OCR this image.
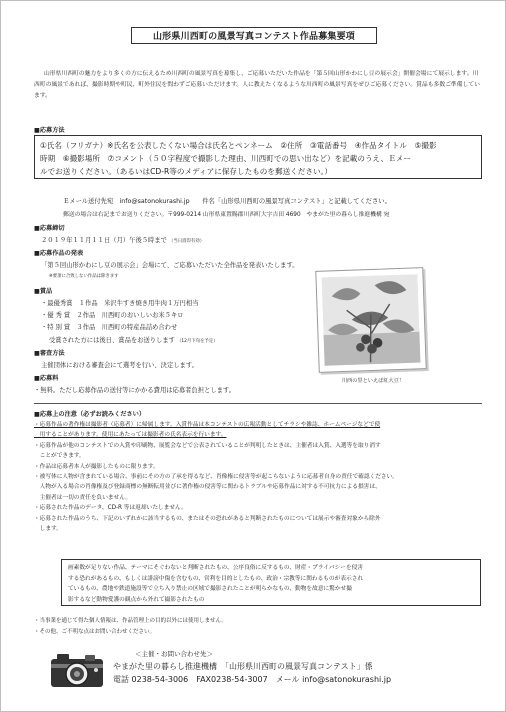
山形県川西町の風景写真コンテスト作品募集要項

山形県川西町の魅力をより多くの方に伝えるため川西町の風景写真を募集し、ご応募いただいた作品を「第５回山形かわにし豆の展示会」開催会場にて展示します。川西町の風景であれば、撮影時期や町民、町外住民を問わずご応募いただけます。人に教えたくなるような川西町の風景写真をぜひご応募ください。賞品も多数ご準備しています。

■応募方法
①氏名（フリガナ）※氏名を公表したくない場合は氏名とペンネーム　②住所　③電話番号　④作品タイトル　⑤撮影
時期　⑥撮影場所　⑦コメント（５０字程度で撮影した理由、川西町での思い出など）を記載のうえ、Ｅメー
ルでお送りください。（あるいはCD-R等のメディアに保存したものを郵送ください。）
Ｅメール送付先宛　info@satonokurashi.jp　　件名「山形県川西町の風景写真コンテスト」と記載してください。
郵送の場合は右記までお送りください。〒999-0214 山形県東置賜郡川西町大字吉田 4690　やまがた里の暮らし推進機構 宛
■応募締切
２０１９年１１月１１日（月）午後５時まで （当日消印有効）
■応募作品の発表
「第５回山形かわにし豆の展示会」会場にて、ご応募いただいた全作品を発表いたします。
※要項に合致しない作品は除きます
■賞品
・最優秀賞　１作品　米沢牛すき焼き用牛肉１万円相当
・優 秀 賞　２作品　川西町のおいしいお米５キロ
・特 別 賞　３作品　川西町の特産品詰め合わせ
受賞された方には後日、賞品をお送りします （12月下旬を予定）
■審査方法
主催団体における審査会にて選考を行い、決定します。
■応募料
・無料。ただし応募作品の送付等にかかる費用は応募者負担とします。
川西の里といえば紅大豆！
■応募上の注意（必ずお読みください）
・応募作品の著作権は撮影者（応募者）に帰属します。入賞作品は本コンテストの広報活動としてチラシや雑誌、ホームページなどで使
　用することがあります。使用にあたっては撮影者の氏名表示を行います。
・応募作品が他のコンテストでの入賞や印刷物、展覧会などで公表されていることが判明したときは、主催者は入賞、入選等を取り消す
　ことができます。
・作品は応募者本人が撮影したものに限ります。
・被写体に人物が含まれている場合、事前にその方の了承を得るなど、肖像権に侵害等が起こらないように応募者自身の責任で確認ください。
　人物が入る場合の肖像権及び登録商標の無断転用並びに著作権の侵害等に関わるトラブルや応募作品に対する不可抗力による損害は、
　主催者は一切の責任を負いません。
・応募された作品のデータ、CD-R 等は返却いたしません。
・応募された作品のうち、下記のいずれかに該当するもの、またはその恐れがあると判断されたものについては展示や審査対象から除外
　します。
画素数が足りない作品、テーマにそぐわないと判断されたもの、公序良俗に反するもの、財産・プライバシーを侵害
する恐れがあるもの、もしくは誹謗中傷を含むもの、営利を目的としたもの、政治・宗教等に関わるものが表示され
ているもの、農地や鉄道施設等で立ち入り禁止の区域で撮影されたことが明らかなもの、動物を故意に驚かせ撮
影するなど動物愛護の観点から外れて撮影されたもの
・当事業を通じて得た個人情報は、作品管理上の目的以外には使用しません。
・その他、ご不明な点はお問い合わせください。
＜主催・お問い合わせ先＞
やまがた里の暮らし推進機構　「山形県川西町の風景写真コンテスト」係
電話 0238-54-3006　FAX0238-54-3007　メール info@satonokurashi.jp
